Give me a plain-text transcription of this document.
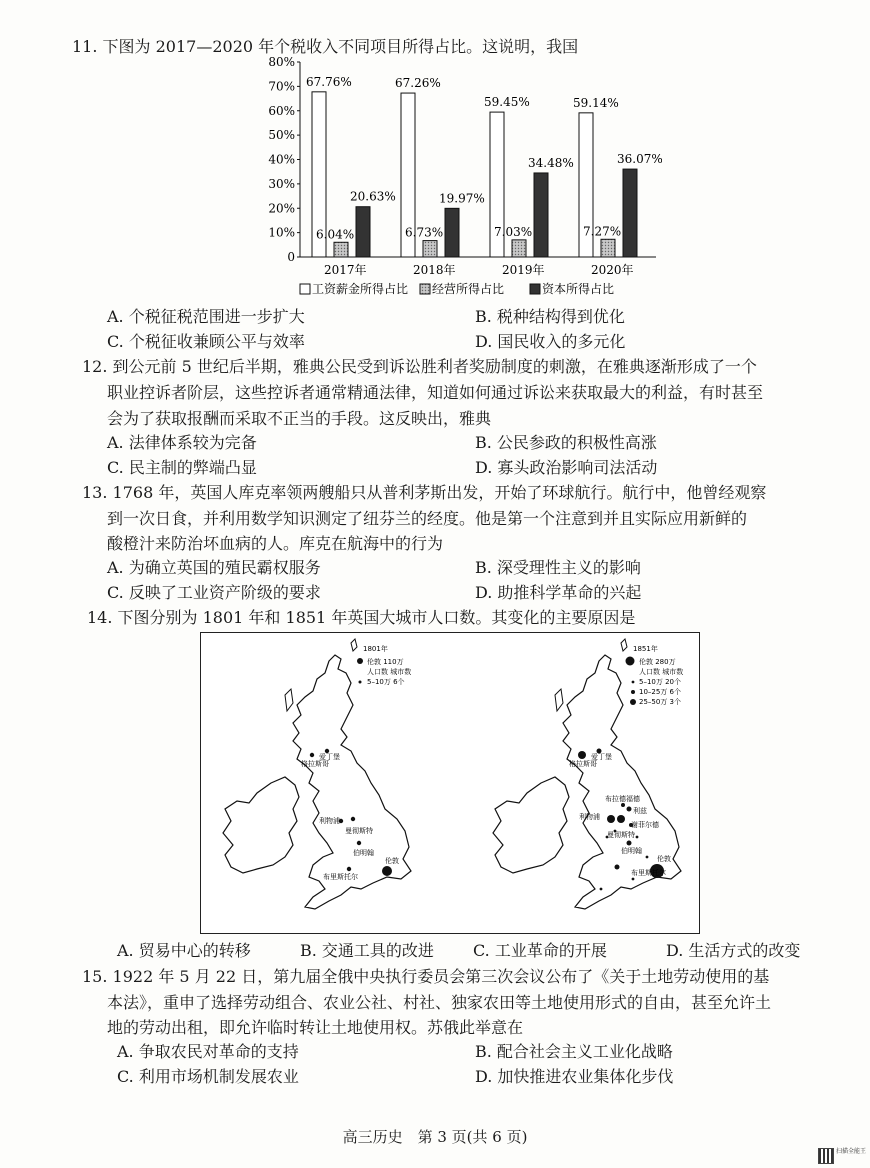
11. 下图为 2017—2020 年个税收入不同项目所得占比。这说明，我国
0
10%
20%
30%
40%
50%
60%
70%
80%
67.76%
6.04%
20.63%
2017年
67.26%
6.73%
19.97%
2018年
59.45%
7.03%
34.48%
2019年
59.14%
7.27%
36.07%
2020年
工资薪金所得占比 经营所得占比	资本所得占比
A. 个税征税范围进一步扩大	B. 税种结构得到优化
C. 个税征收兼顾公平与效率	D. 国民收入的多元化
12. 到公元前 5 世纪后半期，雅典公民受到诉讼胜利者奖励制度的刺激，在雅典逐渐形成了一个
职业控诉者阶层，这些控诉者通常精通法律，知道如何通过诉讼来获取最大的利益，有时甚至
会为了获取报酬而采取不正当的手段。这反映出，雅典
A. 法律体系较为完备	B. 公民参政的积极性高涨
C. 民主制的弊端凸显	D. 寡头政治影响司法活动
13. 1768 年，英国人库克率领两艘船只从普利茅斯出发，开始了环球航行。航行中，他曾经观察
到一次日食，并利用数学知识测定了纽芬兰的经度。他是第一个注意到并且实际应用新鲜的
酸橙汁来防治坏血病的人。库克在航海中的行为
A. 为确立英国的殖民霸权服务	B. 深受理性主义的影响
C. 反映了工业资产阶级的要求	D. 助推科学革命的兴起
14. 下图分别为 1801 年和 1851 年英国大城市人口数。其变化的主要原因是
格拉斯哥
爱丁堡
利物浦
曼彻斯特
伯明翰
布里斯托尔
伦敦
1801年
伦敦 110万
人口数 城市数
5–10万 6个
格拉斯哥
爱丁堡
布拉德福德
利兹
利物浦
曼彻斯特
谢菲尔德
伯明翰
布里斯托尔
伦敦
1851年
伦敦 280万
人口数 城市数
5–10万 20个
10–25万 6个
25–50万 3个
A. 贸易中心的转移	B. 交通工具的改进 C. 工业革命的开展	D. 生活方式的改变
15. 1922 年 5 月 22 日，第九届全俄中央执行委员会第三次会议公布了《关于土地劳动使用的基
本法》，重申了选择劳动组合、农业公社、村社、独家农田等土地使用形式的自由，甚至允许土
地的劳动出租，即允许临时转让土地使用权。苏俄此举意在
A. 争取农民对革命的支持	B. 配合社会主义工业化战略
C. 利用市场机制发展农业	D. 加快推进农业集体化步伐
高三历史　第 3 页(共 6 页)
扫描全能王
